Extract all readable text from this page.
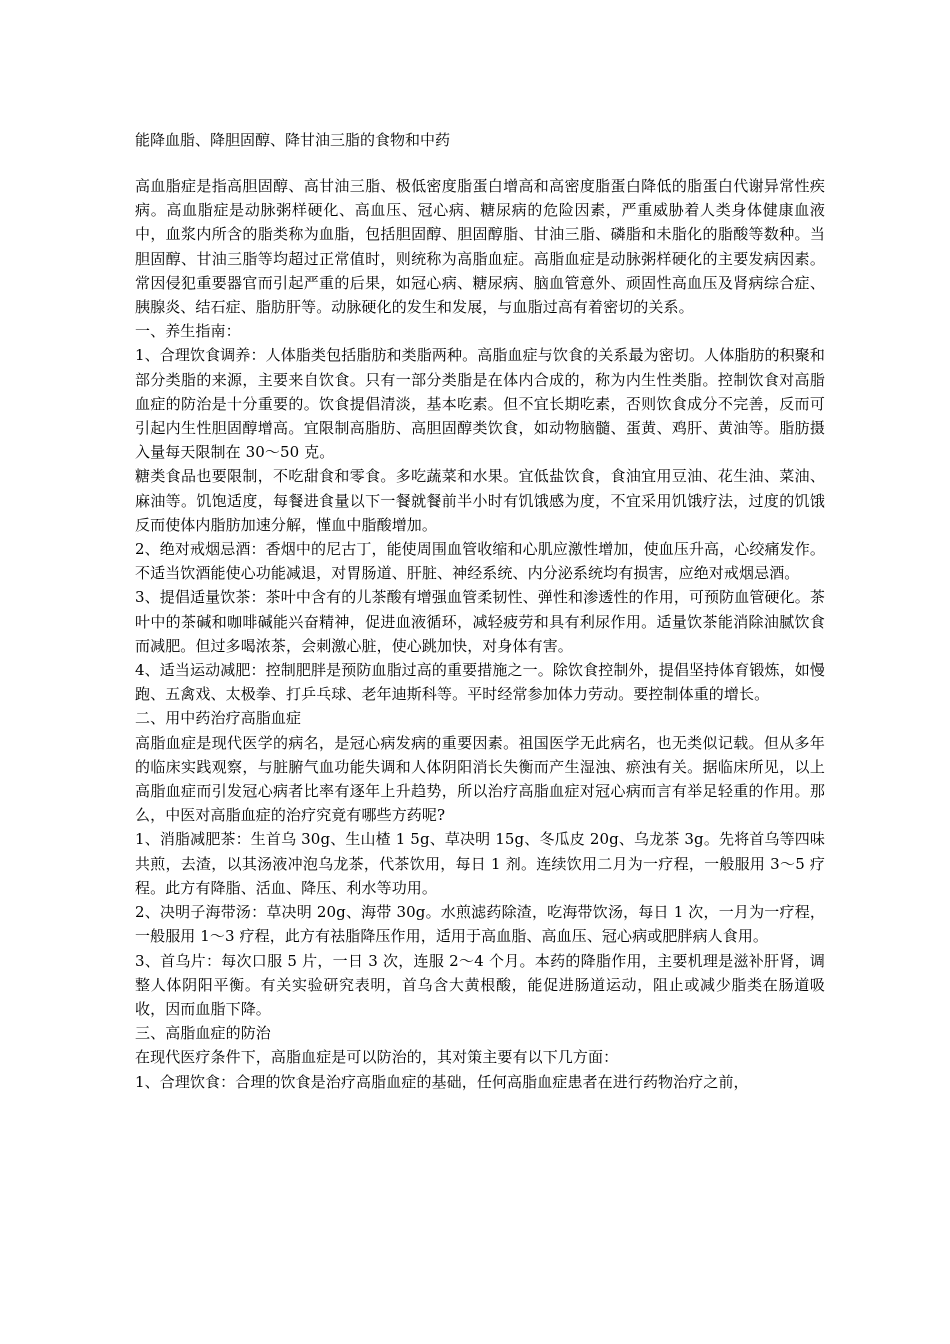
能降血脂、降胆固醇、降甘油三脂的食物和中药

高血脂症是指高胆固醇、高甘油三脂、极低密度脂蛋白增高和高密度脂蛋白降低的脂蛋白代谢异常性疾病。高血脂症是动脉粥样硬化、高血压、冠心病、糖尿病的危险因素，严重威胁着人类身体健康血液中，血浆内所含的脂类称为血脂，包括胆固醇、胆固醇脂、甘油三脂、磷脂和未脂化的脂酸等数种。当胆固醇、甘油三脂等均超过正常值时，则统称为高脂血症。高脂血症是动脉粥样硬化的主要发病因素。常因侵犯重要器官而引起严重的后果，如冠心病、糖尿病、脑血管意外、顽固性高血压及肾病综合症、胰腺炎、结石症、脂肪肝等。动脉硬化的发生和发展，与血脂过高有着密切的关系。

一、养生指南：

1、合理饮食调养：人体脂类包括脂肪和类脂两种。高脂血症与饮食的关系最为密切。人体脂肪的积聚和部分类脂的来源，主要来自饮食。只有一部分类脂是在体内合成的，称为内生性类脂。控制饮食对高脂血症的防治是十分重要的。饮食提倡清淡，基本吃素。但不宜长期吃素，否则饮食成分不完善，反而可引起内生性胆固醇增高。宜限制高脂肪、高胆固醇类饮食，如动物脑髓、蛋黄、鸡肝、黄油等。脂肪摄入量每天限制在 30～50 克。

糖类食品也要限制，不吃甜食和零食。多吃蔬菜和水果。宜低盐饮食，食油宜用豆油、花生油、菜油、麻油等。饥饱适度，每餐进食量以下一餐就餐前半小时有饥饿感为度，不宜采用饥饿疗法，过度的饥饿反而使体内脂肪加速分解，慬血中脂酸增加。

2、绝对戒烟忌酒：香烟中的尼古丁，能使周围血管收缩和心肌应激性增加，使血压升高，心绞痛发作。不适当饮酒能使心功能减退，对胃肠道、肝脏、神经系统、内分泌系统均有损害，应绝对戒烟忌酒。

3、提倡适量饮茶：茶叶中含有的儿茶酸有增强血管柔韧性、弹性和渗透性的作用，可预防血管硬化。茶叶中的茶碱和咖啡碱能兴奋精神，促进血液循环，减轻疲劳和具有利尿作用。适量饮茶能消除油腻饮食而减肥。但过多喝浓茶，会刺激心脏，使心跳加快，对身体有害。

4、适当运动减肥：控制肥胖是预防血脂过高的重要措施之一。除饮食控制外，提倡坚持体育锻炼，如慢跑、五禽戏、太极拳、打乒乓球、老年迪斯科等。平时经常参加体力劳动。要控制体重的增长。

二、用中药治疗高脂血症

高脂血症是现代医学的病名，是冠心病发病的重要因素。祖国医学无此病名，也无类似记载。但从多年的临床实践观察，与脏腑气血功能失调和人体阴阳消长失衡而产生湿浊、瘀浊有关。据临床所见，以上高脂血症而引发冠心病者比率有逐年上升趋势，所以治疗高脂血症对冠心病而言有举足轻重的作用。那么，中医对高脂血症的治疗究竟有哪些方药呢?

1、消脂减肥茶：生首乌 30g、生山楂 1 5g、草决明 15g、冬瓜皮 20g、乌龙茶 3g。先将首乌等四味共煎，去渣，以其汤液冲泡乌龙茶，代茶饮用，每日 1 剂。连续饮用二月为一疗程，一般服用 3～5 疗程。此方有降脂、活血、降压、利水等功用。

2、决明子海带汤：草决明 20g、海带 30g。水煎滤药除渣，吃海带饮汤，每日 1 次，一月为一疗程，一般服用 1～3 疗程，此方有祛脂降压作用，适用于高血脂、高血压、冠心病或肥胖病人食用。

3、首乌片：每次口服 5 片，一日 3 次，连服 2～4 个月。本药的降脂作用，主要机理是滋补肝肾，调整人体阴阳平衡。有关实验研究表明，首乌含大黄根酸，能促进肠道运动，阻止或减少脂类在肠道吸收，因而血脂下降。

三、高脂血症的防治

在现代医疗条件下，高脂血症是可以防治的，其对策主要有以下几方面：

1、合理饮食：合理的饮食是治疗高脂血症的基础，任何高脂血症患者在进行药物治疗之前，
